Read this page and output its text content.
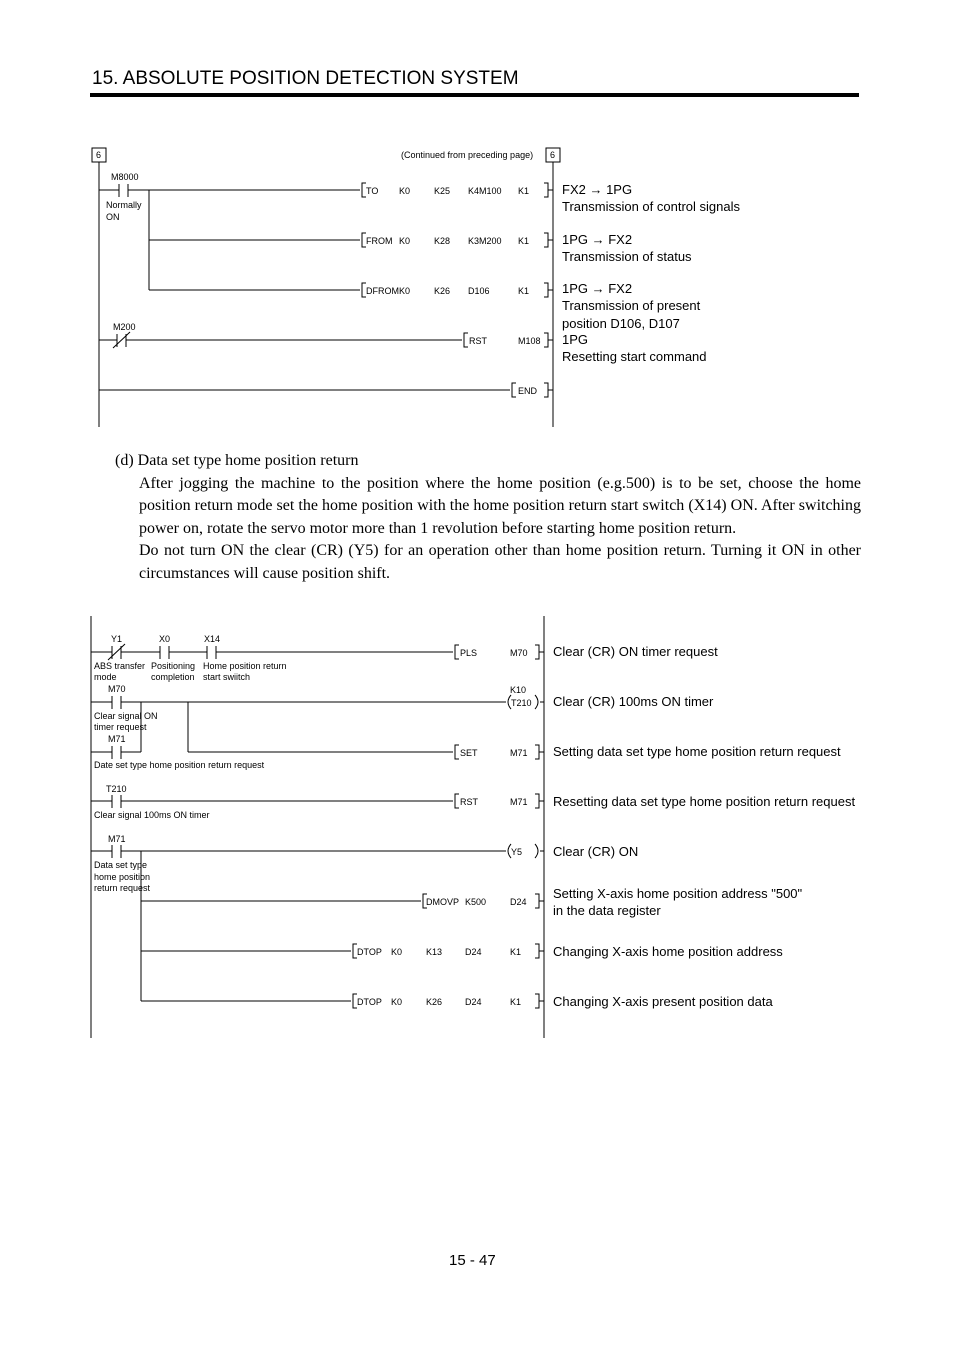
15. ABSOLUTE POSITION DETECTION SYSTEM
6	6
(Continued from preceding page)
M8000
Normally
ON
M200
TO K0	K25 K4M100 K1
FROM K0	K28 K3M200 K1
DFROMK0	K26 D106	K1
RST	M108
END
FX2 → 1PG
Transmission of control signals
1PG → FX2
Transmission of status
1PG → FX2
Transmission of present
position D106, D107
1PG
Resetting start command
Y1	X0	X14
ABS transfer
mode
Positioning
completion
Home position return
start swiitch
M70
Clear signal ON
timer request
M71
Date set type home position return request
T210
Clear signal 100ms ON timer
M71
Data set type
home position
return request
PLS	M70
K10
T210
SET	M71
RST	M71
Y5
DMOVP K500	D24
DTOP K0	K13	D24	K1
DTOP K0	K26	D24	K1
Clear (CR) ON timer request
Clear (CR) 100ms ON timer
Setting data set type home position return request
Resetting data set type home position return request
Clear (CR) ON
Setting X-axis home position address "500"
in the data register
Changing X-axis home position address
Changing X-axis present position data

(d) Data set type home position return

After jogging the machine to the position where the home position (e.g.500) is to be set, choose the home position return mode set the home position with the home position return start switch (X14) ON. After switching power on, rotate the servo motor more than 1 revolution before starting home position return.

Do not turn ON the clear (CR) (Y5) for an operation other than home position return. Turning it ON in other circumstances will cause position shift.

15 - 47
